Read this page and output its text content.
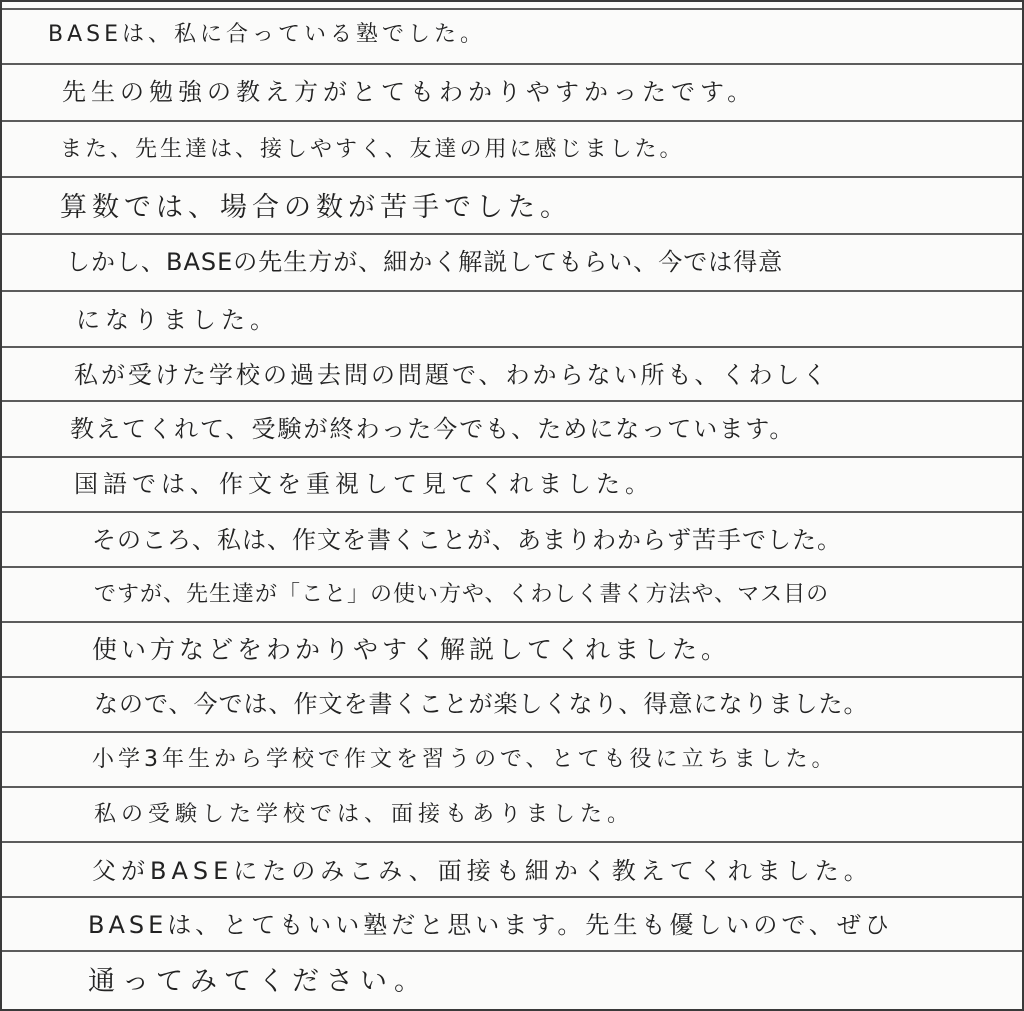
BASEは、私に合っている塾でした。
先生の勉強の教え方がとてもわかりやすかったです。
また、先生達は、接しやすく、友達の用に感じました。
算数では、場合の数が苦手でした。
しかし、BASEの先生方が、細かく解説してもらい、今では得意
になりました。
私が受けた学校の過去問の問題で、わからない所も、くわしく
教えてくれて、受験が終わった今でも、ためになっています。
国語では、作文を重視して見てくれました。
そのころ、私は、作文を書くことが、あまりわからず苦手でした。
ですが、先生達が「こと」の使い方や、くわしく書く方法や、マス目の
使い方などをわかりやすく解説してくれました。
なので、今では、作文を書くことが楽しくなり、得意になりました。
小学3年生から学校で作文を習うので、とても役に立ちました。
私の受験した学校では、面接もありました。
父がBASEにたのみこみ、面接も細かく教えてくれました。
BASEは、とてもいい塾だと思います。先生も優しいので、ぜひ
通ってみてください。
